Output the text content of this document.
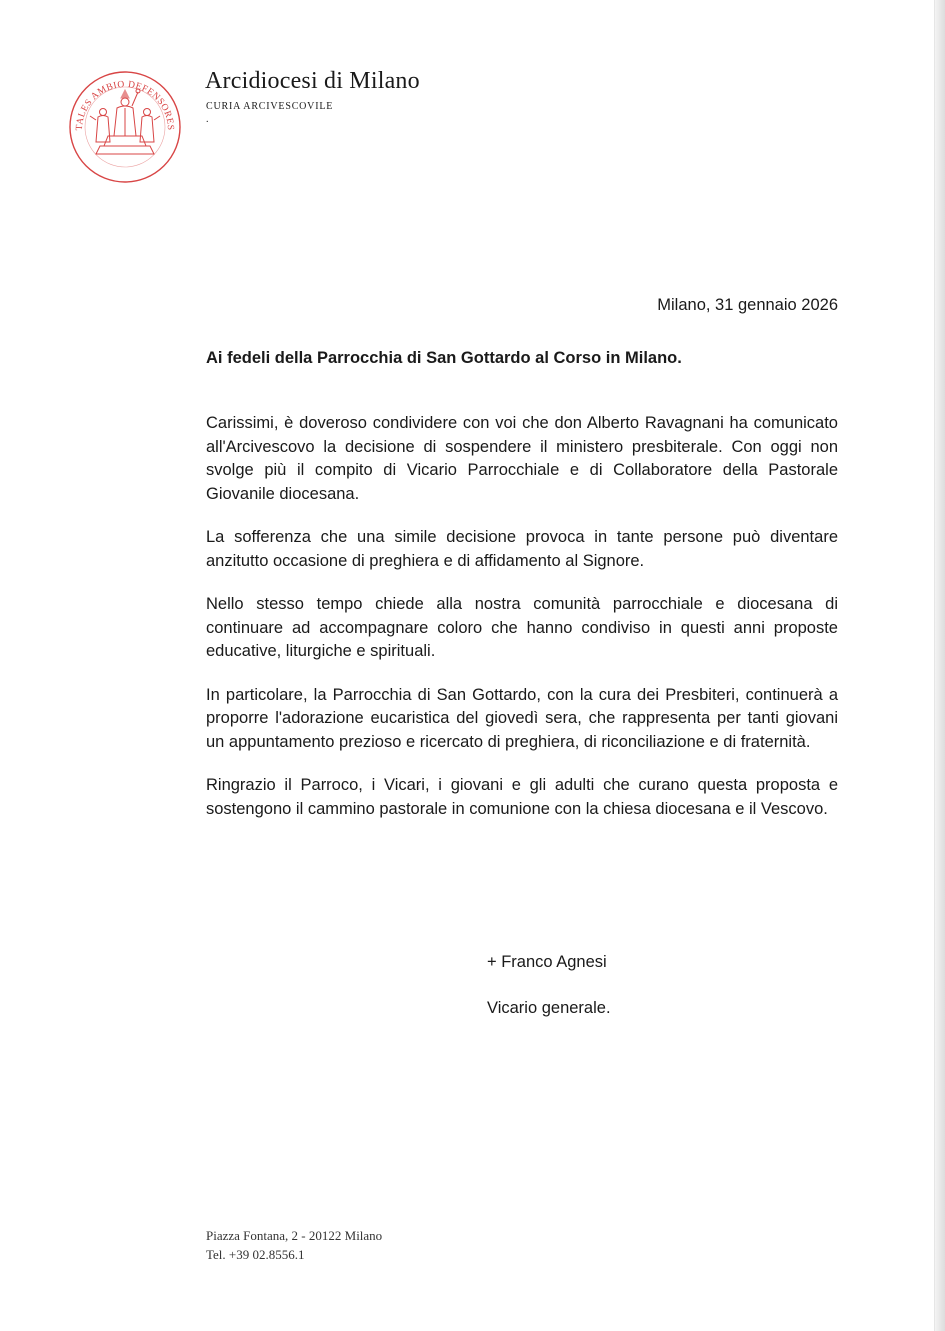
TALES AMBIO DEFENSORES
Arcidiocesi di Milano
CURIA ARCIVESCOVILE
.
Milano, 31 gennaio 2026
Ai fedeli della Parrocchia di San Gottardo al Corso in Milano.

Carissimi, è doveroso condividere con voi che don Alberto Ravagnani ha comunicato all'Arcivescovo la decisione di sospendere il ministero presbiterale. Con oggi non svolge più il compito di Vicario Parrocchiale e di Collaboratore della Pastorale Giovanile diocesana.

La sofferenza che una simile decisione provoca in tante persone può diventare anzitutto occasione di preghiera e di affidamento al Signore.

Nello stesso tempo chiede alla nostra comunità parrocchiale e diocesana di continuare ad accompagnare coloro che hanno condiviso in questi anni proposte educative, liturgiche e spirituali.

In particolare, la Parrocchia di San Gottardo, con la cura dei Presbiteri, continuerà a proporre l'adorazione eucaristica del giovedì sera, che rappresenta per tanti giovani un appuntamento prezioso e ricercato di preghiera, di riconciliazione e di fraternità.

Ringrazio il Parroco, i Vicari, i giovani e gli adulti che curano questa proposta e sostengono il cammino pastorale in comunione con la chiesa diocesana e il Vescovo.

+ Franco Agnesi
Vicario generale.
Piazza Fontana, 2 - 20122 Milano
Tel. +39 02.8556.1
